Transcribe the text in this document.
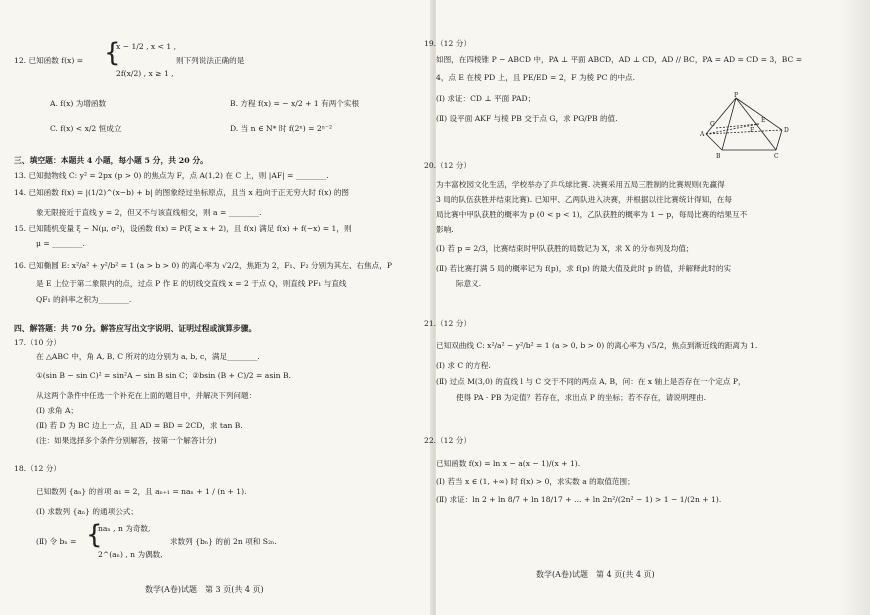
12. 已知函数 f(x) = {
x − 1/2 , x < 1 ,
2f(x/2) , x ≥ 1 ,
则下列说法正确的是
A. f(x) 为增函数	B. 方程 f(x) = − x/2 + 1 有两个实根
C. f(x) < x/2 恒成立	D. 当 n ∈ N* 时 f(2ⁿ) = 2ⁿ⁻²
三、填空题：本题共 4 小题，每小题 5 分，共 20 分。
13. 已知抛物线 C: y² = 2px (p > 0) 的焦点为 F，点 A(1,2) 在 C 上，则 |AF| = ________.
14. 已知函数 f(x) = |(1/2)^(x−b) + b| 的图象经过坐标原点，且当 x 趋向于正无穷大时 f(x) 的图
象无限接近于直线 y = 2，但又不与该直线相交，则 a = ________.
15. 已知随机变量 ξ ~ N(μ, σ²)，设函数 f(x) = P(ξ ≥ x + 2)，且 f(x) 满足 f(x) + f(−x) = 1，则
μ = ________.
16. 已知椭圆 E: x²/a² + y²/b² = 1 (a > b > 0) 的离心率为 √2/2，焦距为 2，F₁、F₂ 分别为其左、右焦点，P
是 E 上位于第二象限内的点，过点 P 作 E 的切线交直线 x = 2 于点 Q，则直线 PF₁ 与直线
QF₁ 的斜率之积为________.
四、解答题：共 70 分。解答应写出文字说明、证明过程或演算步骤。
17.（10 分）
在 △ABC 中，角 A, B, C 所对的边分别为 a, b, c，满足________.
①(sin B − sin C)² = sin²A − sin B sin C；②bsin (B + C)/2 = asin B.
从这两个条件中任选一个补充在上面的题目中，并解决下列问题：
(Ⅰ) 求角 A；
(Ⅱ) 若 D 为 BC 边上一点，且 AD = BD = 2CD，求 tan B.
(注：如果选择多个条件分别解答，按第一个解答计分)
18.（12 分）
已知数列 {aₙ} 的首项 a₁ = 2，且 aₙ₊₁ = naₙ + 1 / (n + 1).
(Ⅰ) 求数列 {aₙ} 的通项公式；
(Ⅱ) 令 bₙ = {
naₙ , n 为奇数,
2^(aₙ) , n 为偶数,
求数列 {bₙ} 的前 2n 项和 S₂ₙ.
数学(A卷)试题　第 3 页(共 4 页)
19.（12 分）
如图，在四棱锥 P − ABCD 中，PA ⊥ 平面 ABCD，AD ⊥ CD，AD // BC，PA = AD = CD = 3，BC =
4，点 E 在棱 PD 上，且 PE/ED = 2，F 为棱 PC 的中点.
(Ⅰ) 求证：CD ⊥ 平面 PAD；
(Ⅱ) 设平面 AKF 与棱 PB 交于点 G，求 PG/PB 的值.
P
A
B	C
D
E
F
G
20.（12 分）
为丰富校园文化生活，学校举办了乒乓球比赛. 决赛采用五局三胜制的比赛规则(先赢得
3 局的队伍获胜并结束比赛). 已知甲、乙两队进入决赛，并根据以往比赛统计得知，在每
局比赛中甲队获胜的概率为 p (0 < p < 1)，乙队获胜的概率为 1 − p，每局比赛的结果互不
影响.
(Ⅰ) 若 p = 2/3，比赛结束时甲队获胜的局数记为 X，求 X 的分布列及均值；
(Ⅱ) 若比赛打满 5 局的概率记为 f(p)，求 f(p) 的最大值及此时 p 的值，并解释此时的实
际意义.
21.（12 分）
已知双曲线 C: x²/a² − y²/b² = 1 (a > 0, b > 0) 的离心率为 √5/2，焦点到渐近线的距离为 1.
(Ⅰ) 求 C 的方程.
(Ⅱ) 过点 M(3,0) 的直线 l 与 C 交于不同的两点 A, B，问：在 x 轴上是否存在一个定点 P，
使得 PA · PB 为定值？若存在，求出点 P 的坐标；若不存在，请说明理由.
22.（12 分）
已知函数 f(x) = ln x − a(x − 1)/(x + 1).
(Ⅰ) 若当 x ∈ (1, +∞) 时 f(x) > 0，求实数 a 的取值范围；
(Ⅱ) 求证：ln 2 + ln 8/7 + ln 18/17 + … + ln 2n²/(2n² − 1) > 1 − 1/(2n + 1).
数学(A卷)试题　第 4 页(共 4 页)
